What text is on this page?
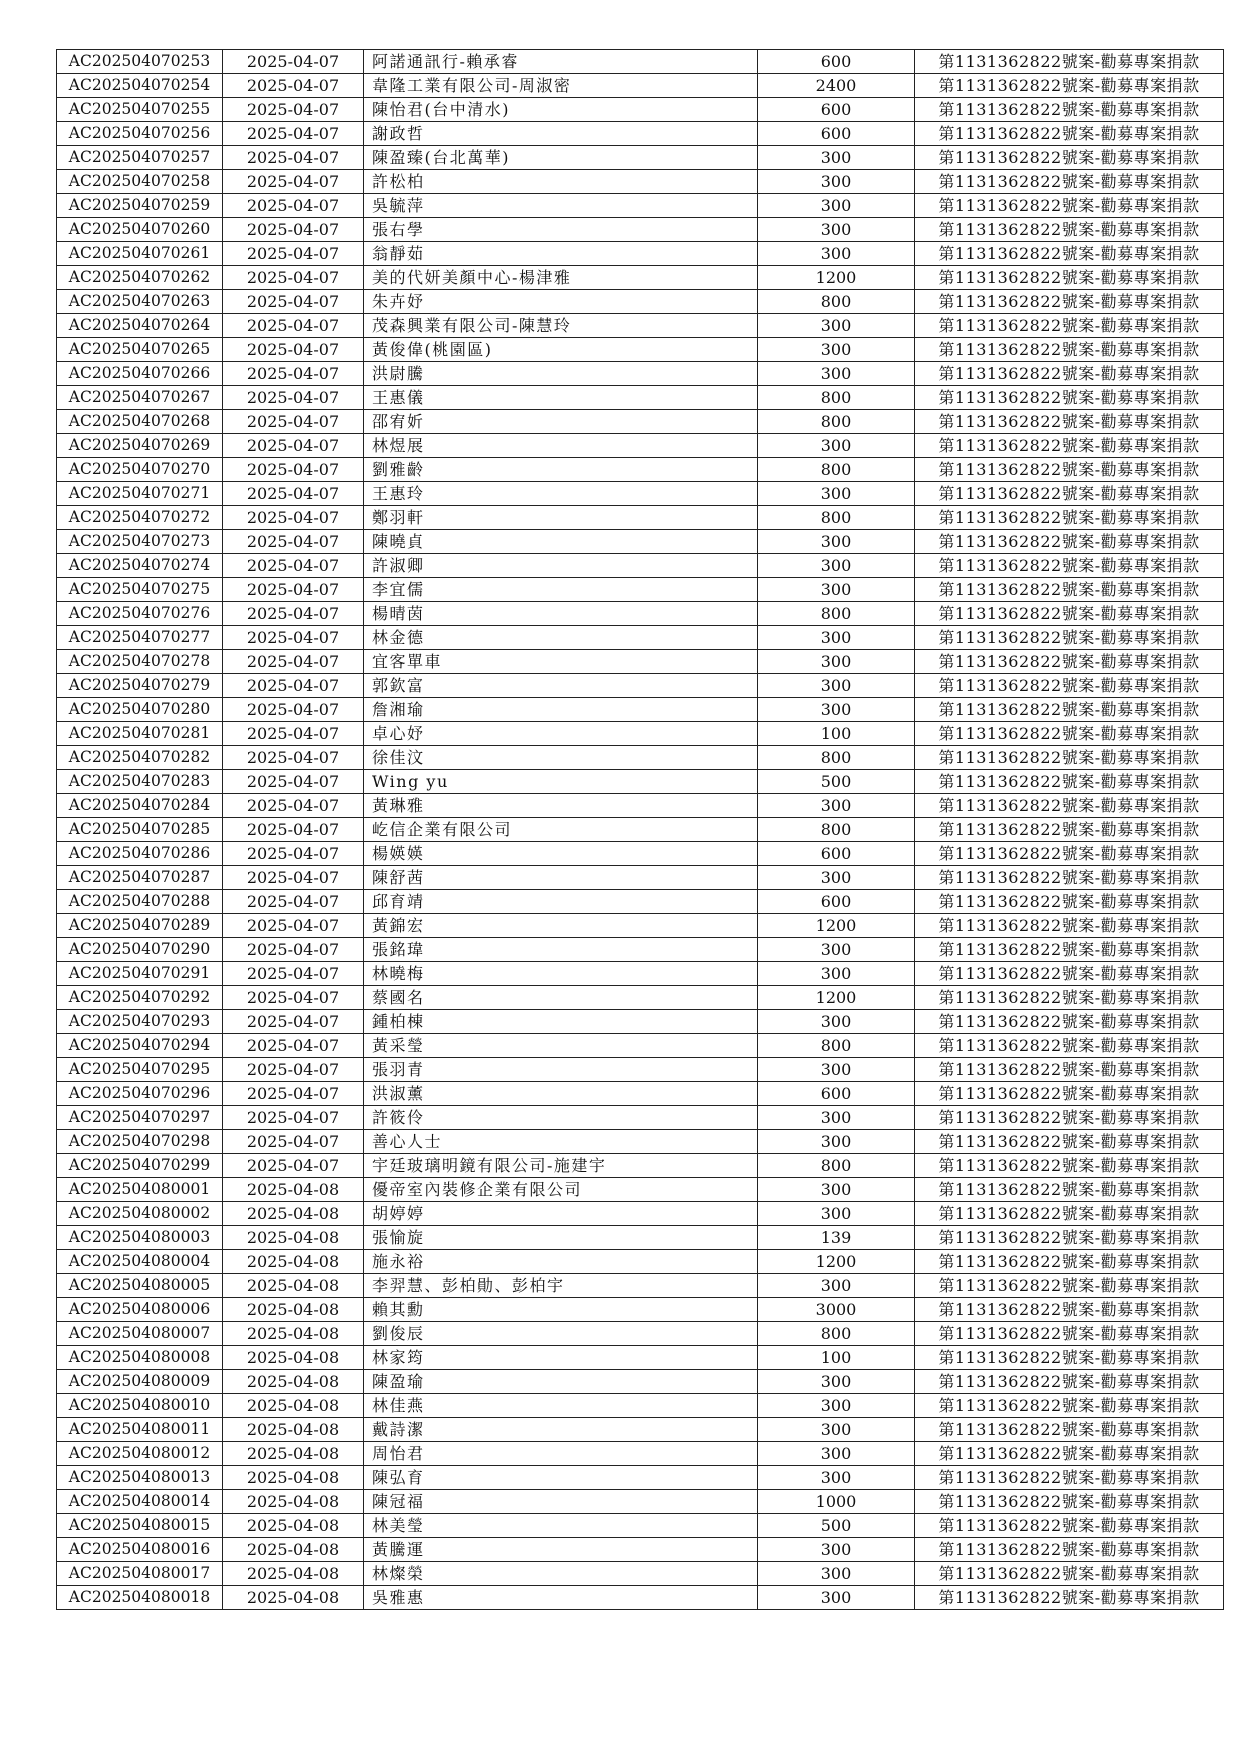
AC202504070253	2025-04-07	阿諾通訊行-賴承睿	600	第1131362822號案-勸募專案捐款
AC202504070254	2025-04-07	韋隆工業有限公司-周淑密	2400	第1131362822號案-勸募專案捐款
AC202504070255	2025-04-07	陳怡君(台中清水)	600	第1131362822號案-勸募專案捐款
AC202504070256	2025-04-07	謝政哲	600	第1131362822號案-勸募專案捐款
AC202504070257	2025-04-07	陳盈臻(台北萬華)	300	第1131362822號案-勸募專案捐款
AC202504070258	2025-04-07	許松柏	300	第1131362822號案-勸募專案捐款
AC202504070259	2025-04-07	吳毓萍	300	第1131362822號案-勸募專案捐款
AC202504070260	2025-04-07	張右學	300	第1131362822號案-勸募專案捐款
AC202504070261	2025-04-07	翁靜茹	300	第1131362822號案-勸募專案捐款
AC202504070262	2025-04-07	美的代妍美顏中心-楊津雅	1200	第1131362822號案-勸募專案捐款
AC202504070263	2025-04-07	朱卉妤	800	第1131362822號案-勸募專案捐款
AC202504070264	2025-04-07	茂森興業有限公司-陳慧玲	300	第1131362822號案-勸募專案捐款
AC202504070265	2025-04-07	黃俊偉(桃園區)	300	第1131362822號案-勸募專案捐款
AC202504070266	2025-04-07	洪尉騰	300	第1131362822號案-勸募專案捐款
AC202504070267	2025-04-07	王惠儀	800	第1131362822號案-勸募專案捐款
AC202504070268	2025-04-07	邵宥妡	800	第1131362822號案-勸募專案捐款
AC202504070269	2025-04-07	林煜展	300	第1131362822號案-勸募專案捐款
AC202504070270	2025-04-07	劉雅齡	800	第1131362822號案-勸募專案捐款
AC202504070271	2025-04-07	王惠玲	300	第1131362822號案-勸募專案捐款
AC202504070272	2025-04-07	鄭羽軒	800	第1131362822號案-勸募專案捐款
AC202504070273	2025-04-07	陳曉貞	300	第1131362822號案-勸募專案捐款
AC202504070274	2025-04-07	許淑卿	300	第1131362822號案-勸募專案捐款
AC202504070275	2025-04-07	李宜儒	300	第1131362822號案-勸募專案捐款
AC202504070276	2025-04-07	楊晴茵	800	第1131362822號案-勸募專案捐款
AC202504070277	2025-04-07	林金德	300	第1131362822號案-勸募專案捐款
AC202504070278	2025-04-07	宜客單車	300	第1131362822號案-勸募專案捐款
AC202504070279	2025-04-07	郭欽富	300	第1131362822號案-勸募專案捐款
AC202504070280	2025-04-07	詹湘瑜	300	第1131362822號案-勸募專案捐款
AC202504070281	2025-04-07	卓心妤	100	第1131362822號案-勸募專案捐款
AC202504070282	2025-04-07	徐佳汶	800	第1131362822號案-勸募專案捐款
AC202504070283	2025-04-07	Wing yu	500	第1131362822號案-勸募專案捐款
AC202504070284	2025-04-07	黃琳雅	300	第1131362822號案-勸募專案捐款
AC202504070285	2025-04-07	屹信企業有限公司	800	第1131362822號案-勸募專案捐款
AC202504070286	2025-04-07	楊媖媖	600	第1131362822號案-勸募專案捐款
AC202504070287	2025-04-07	陳舒茜	300	第1131362822號案-勸募專案捐款
AC202504070288	2025-04-07	邱育靖	600	第1131362822號案-勸募專案捐款
AC202504070289	2025-04-07	黃錦宏	1200	第1131362822號案-勸募專案捐款
AC202504070290	2025-04-07	張銘瑋	300	第1131362822號案-勸募專案捐款
AC202504070291	2025-04-07	林曉梅	300	第1131362822號案-勸募專案捐款
AC202504070292	2025-04-07	蔡國名	1200	第1131362822號案-勸募專案捐款
AC202504070293	2025-04-07	鍾柏棟	300	第1131362822號案-勸募專案捐款
AC202504070294	2025-04-07	黃采瑩	800	第1131362822號案-勸募專案捐款
AC202504070295	2025-04-07	張羽青	300	第1131362822號案-勸募專案捐款
AC202504070296	2025-04-07	洪淑薰	600	第1131362822號案-勸募專案捐款
AC202504070297	2025-04-07	許筱伶	300	第1131362822號案-勸募專案捐款
AC202504070298	2025-04-07	善心人士	300	第1131362822號案-勸募專案捐款
AC202504070299	2025-04-07	宇廷玻璃明鏡有限公司-施建宇	800	第1131362822號案-勸募專案捐款
AC202504080001	2025-04-08	優帝室內裝修企業有限公司	300	第1131362822號案-勸募專案捐款
AC202504080002	2025-04-08	胡婷婷	300	第1131362822號案-勸募專案捐款
AC202504080003	2025-04-08	張愉旋	139	第1131362822號案-勸募專案捐款
AC202504080004	2025-04-08	施永裕	1200	第1131362822號案-勸募專案捐款
AC202504080005	2025-04-08	李羿慧、彭柏勛、彭柏宇	300	第1131362822號案-勸募專案捐款
AC202504080006	2025-04-08	賴其勳	3000	第1131362822號案-勸募專案捐款
AC202504080007	2025-04-08	劉俊辰	800	第1131362822號案-勸募專案捐款
AC202504080008	2025-04-08	林家筠	100	第1131362822號案-勸募專案捐款
AC202504080009	2025-04-08	陳盈瑜	300	第1131362822號案-勸募專案捐款
AC202504080010	2025-04-08	林佳燕	300	第1131362822號案-勸募專案捐款
AC202504080011	2025-04-08	戴詩潔	300	第1131362822號案-勸募專案捐款
AC202504080012	2025-04-08	周怡君	300	第1131362822號案-勸募專案捐款
AC202504080013	2025-04-08	陳弘育	300	第1131362822號案-勸募專案捐款
AC202504080014	2025-04-08	陳冠福	1000	第1131362822號案-勸募專案捐款
AC202504080015	2025-04-08	林美瑩	500	第1131362822號案-勸募專案捐款
AC202504080016	2025-04-08	黃騰運	300	第1131362822號案-勸募專案捐款
AC202504080017	2025-04-08	林燦榮	300	第1131362822號案-勸募專案捐款
AC202504080018	2025-04-08	吳雅惠	300	第1131362822號案-勸募專案捐款
